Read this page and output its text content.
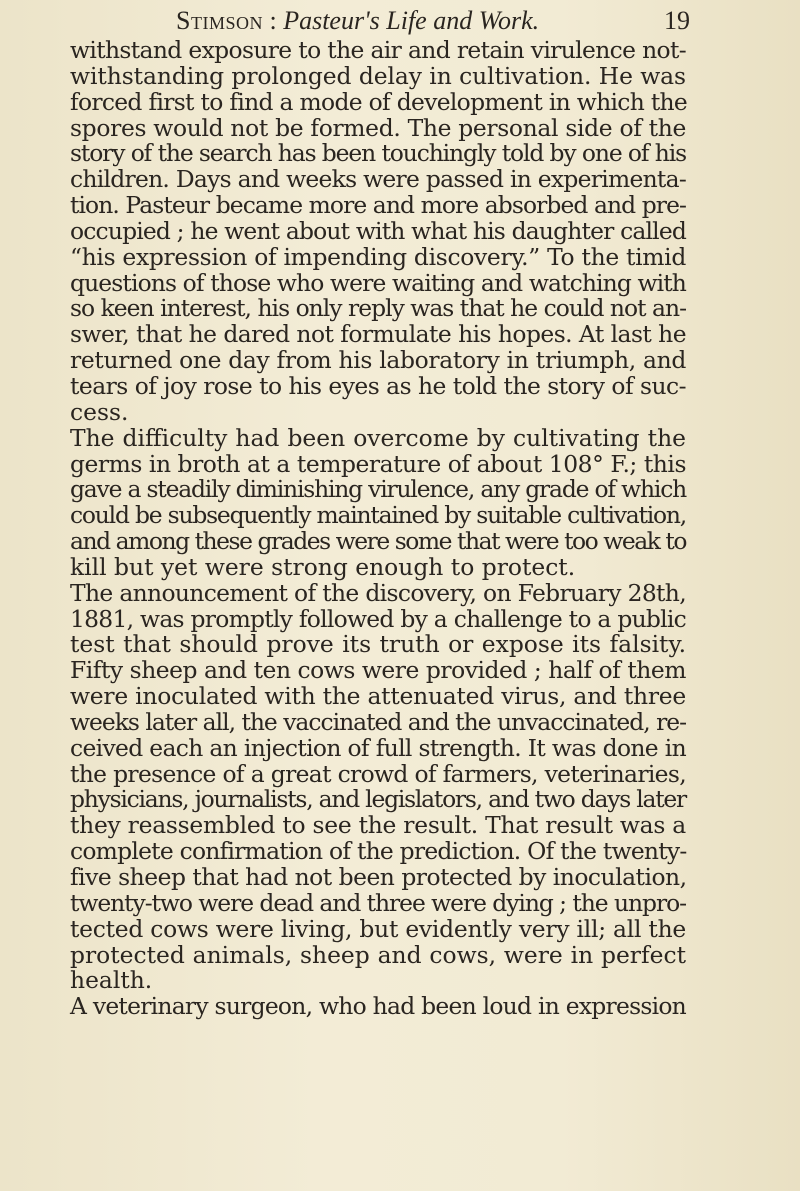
Stimson : Pasteur's Life and Work.	19
withstand exposure to the air and retain virulence not-
withstanding prolonged delay in cultivation. He was
forced first to find a mode of development in which the
spores would not be formed. The personal side of the
story of the search has been touchingly told by one of his
children. Days and weeks were passed in experimenta-
tion. Pasteur became more and more absorbed and pre-
occupied ; he went about with what his daughter called
“his expression of impending discovery.” To the timid
questions of those who were waiting and watching with
so keen interest, his only reply was that he could not an-
swer, that he dared not formulate his hopes. At last he
returned one day from his laboratory in triumph, and
tears of joy rose to his eyes as he told the story of suc-
cess.
The difficulty had been overcome by cultivating the
germs in broth at a temperature of about 108° F.; this
gave a steadily diminishing virulence, any grade of which
could be subsequently maintained by suitable cultivation,
and among these grades were some that were too weak to
kill but yet were strong enough to protect.
The announcement of the discovery, on February 28th,
1881, was promptly followed by a challenge to a public
test that should prove its truth or expose its falsity.
Fifty sheep and ten cows were provided ; half of them
were inoculated with the attenuated virus, and three
weeks later all, the vaccinated and the unvaccinated, re-
ceived each an injection of full strength. It was done in
the presence of a great crowd of farmers, veterinaries,
physicians, journalists, and legislators, and two days later
they reassembled to see the result. That result was a
complete confirmation of the prediction. Of the twenty-
five sheep that had not been protected by inoculation,
twenty-two were dead and three were dying ; the unpro-
tected cows were living, but evidently very ill; all the
protected animals, sheep and cows, were in perfect
health.
A veterinary surgeon, who had been loud in expression
